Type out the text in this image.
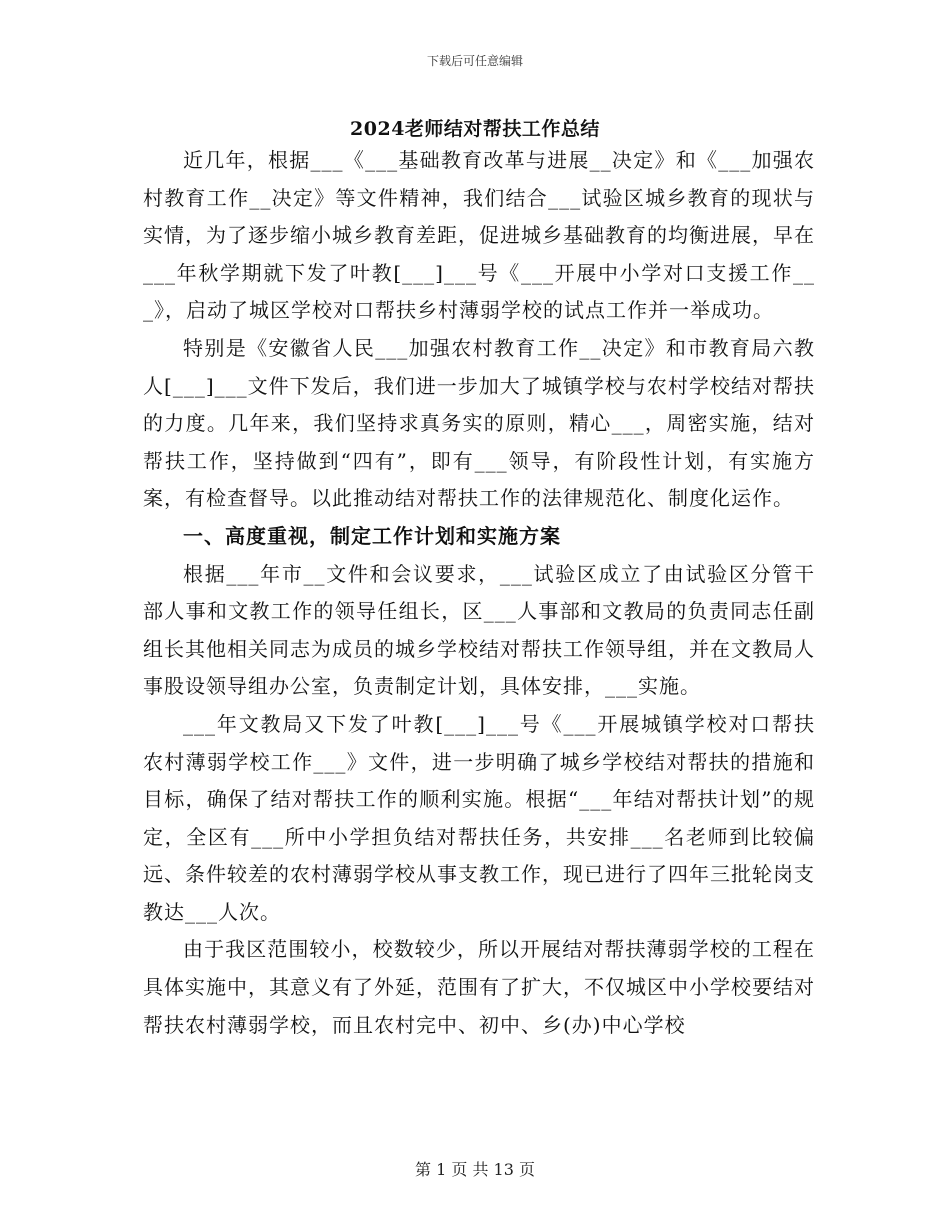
下载后可任意编辑
2024老师结对帮扶工作总结

近几年，根据___《___基础教育改革与进展__决定》和《___加强农村教育工作__决定》等文件精神，我们结合___试验区城乡教育的现状与实情，为了逐步缩小城乡教育差距，促进城乡基础教育的均衡进展，早在___年秋学期就下发了叶教[___]___号《___开展中小学对口支援工作___》，启动了城区学校对口帮扶乡村薄弱学校的试点工作并一举成功。

特别是《安徽省人民___加强农村教育工作__决定》和市教育局六教人[___]___文件下发后，我们进一步加大了城镇学校与农村学校结对帮扶的力度。几年来，我们坚持求真务实的原则，精心___，周密实施，结对帮扶工作，坚持做到“四有”，即有___领导，有阶段性计划，有实施方案，有检查督导。以此推动结对帮扶工作的法律规范化、制度化运作。

一、高度重视，制定工作计划和实施方案

根据___年市__文件和会议要求，___试验区成立了由试验区分管干部人事和文教工作的领导任组长，区___人事部和文教局的负责同志任副组长其他相关同志为成员的城乡学校结对帮扶工作领导组，并在文教局人事股设领导组办公室，负责制定计划，具体安排，___实施。

___年文教局又下发了叶教[___]___号《___开展城镇学校对口帮扶农村薄弱学校工作___》文件，进一步明确了城乡学校结对帮扶的措施和目标，确保了结对帮扶工作的顺利实施。根据“___年结对帮扶计划”的规定，全区有___所中小学担负结对帮扶任务，共安排___名老师到比较偏远、条件较差的农村薄弱学校从事支教工作，现已进行了四年三批轮岗支教达___人次。

由于我区范围较小，校数较少，所以开展结对帮扶薄弱学校的工程在具体实施中，其意义有了外延，范围有了扩大，不仅城区中小学校要结对帮扶农村薄弱学校，而且农村完中、初中、乡(办)中心学校

第 1 页 共 13 页
